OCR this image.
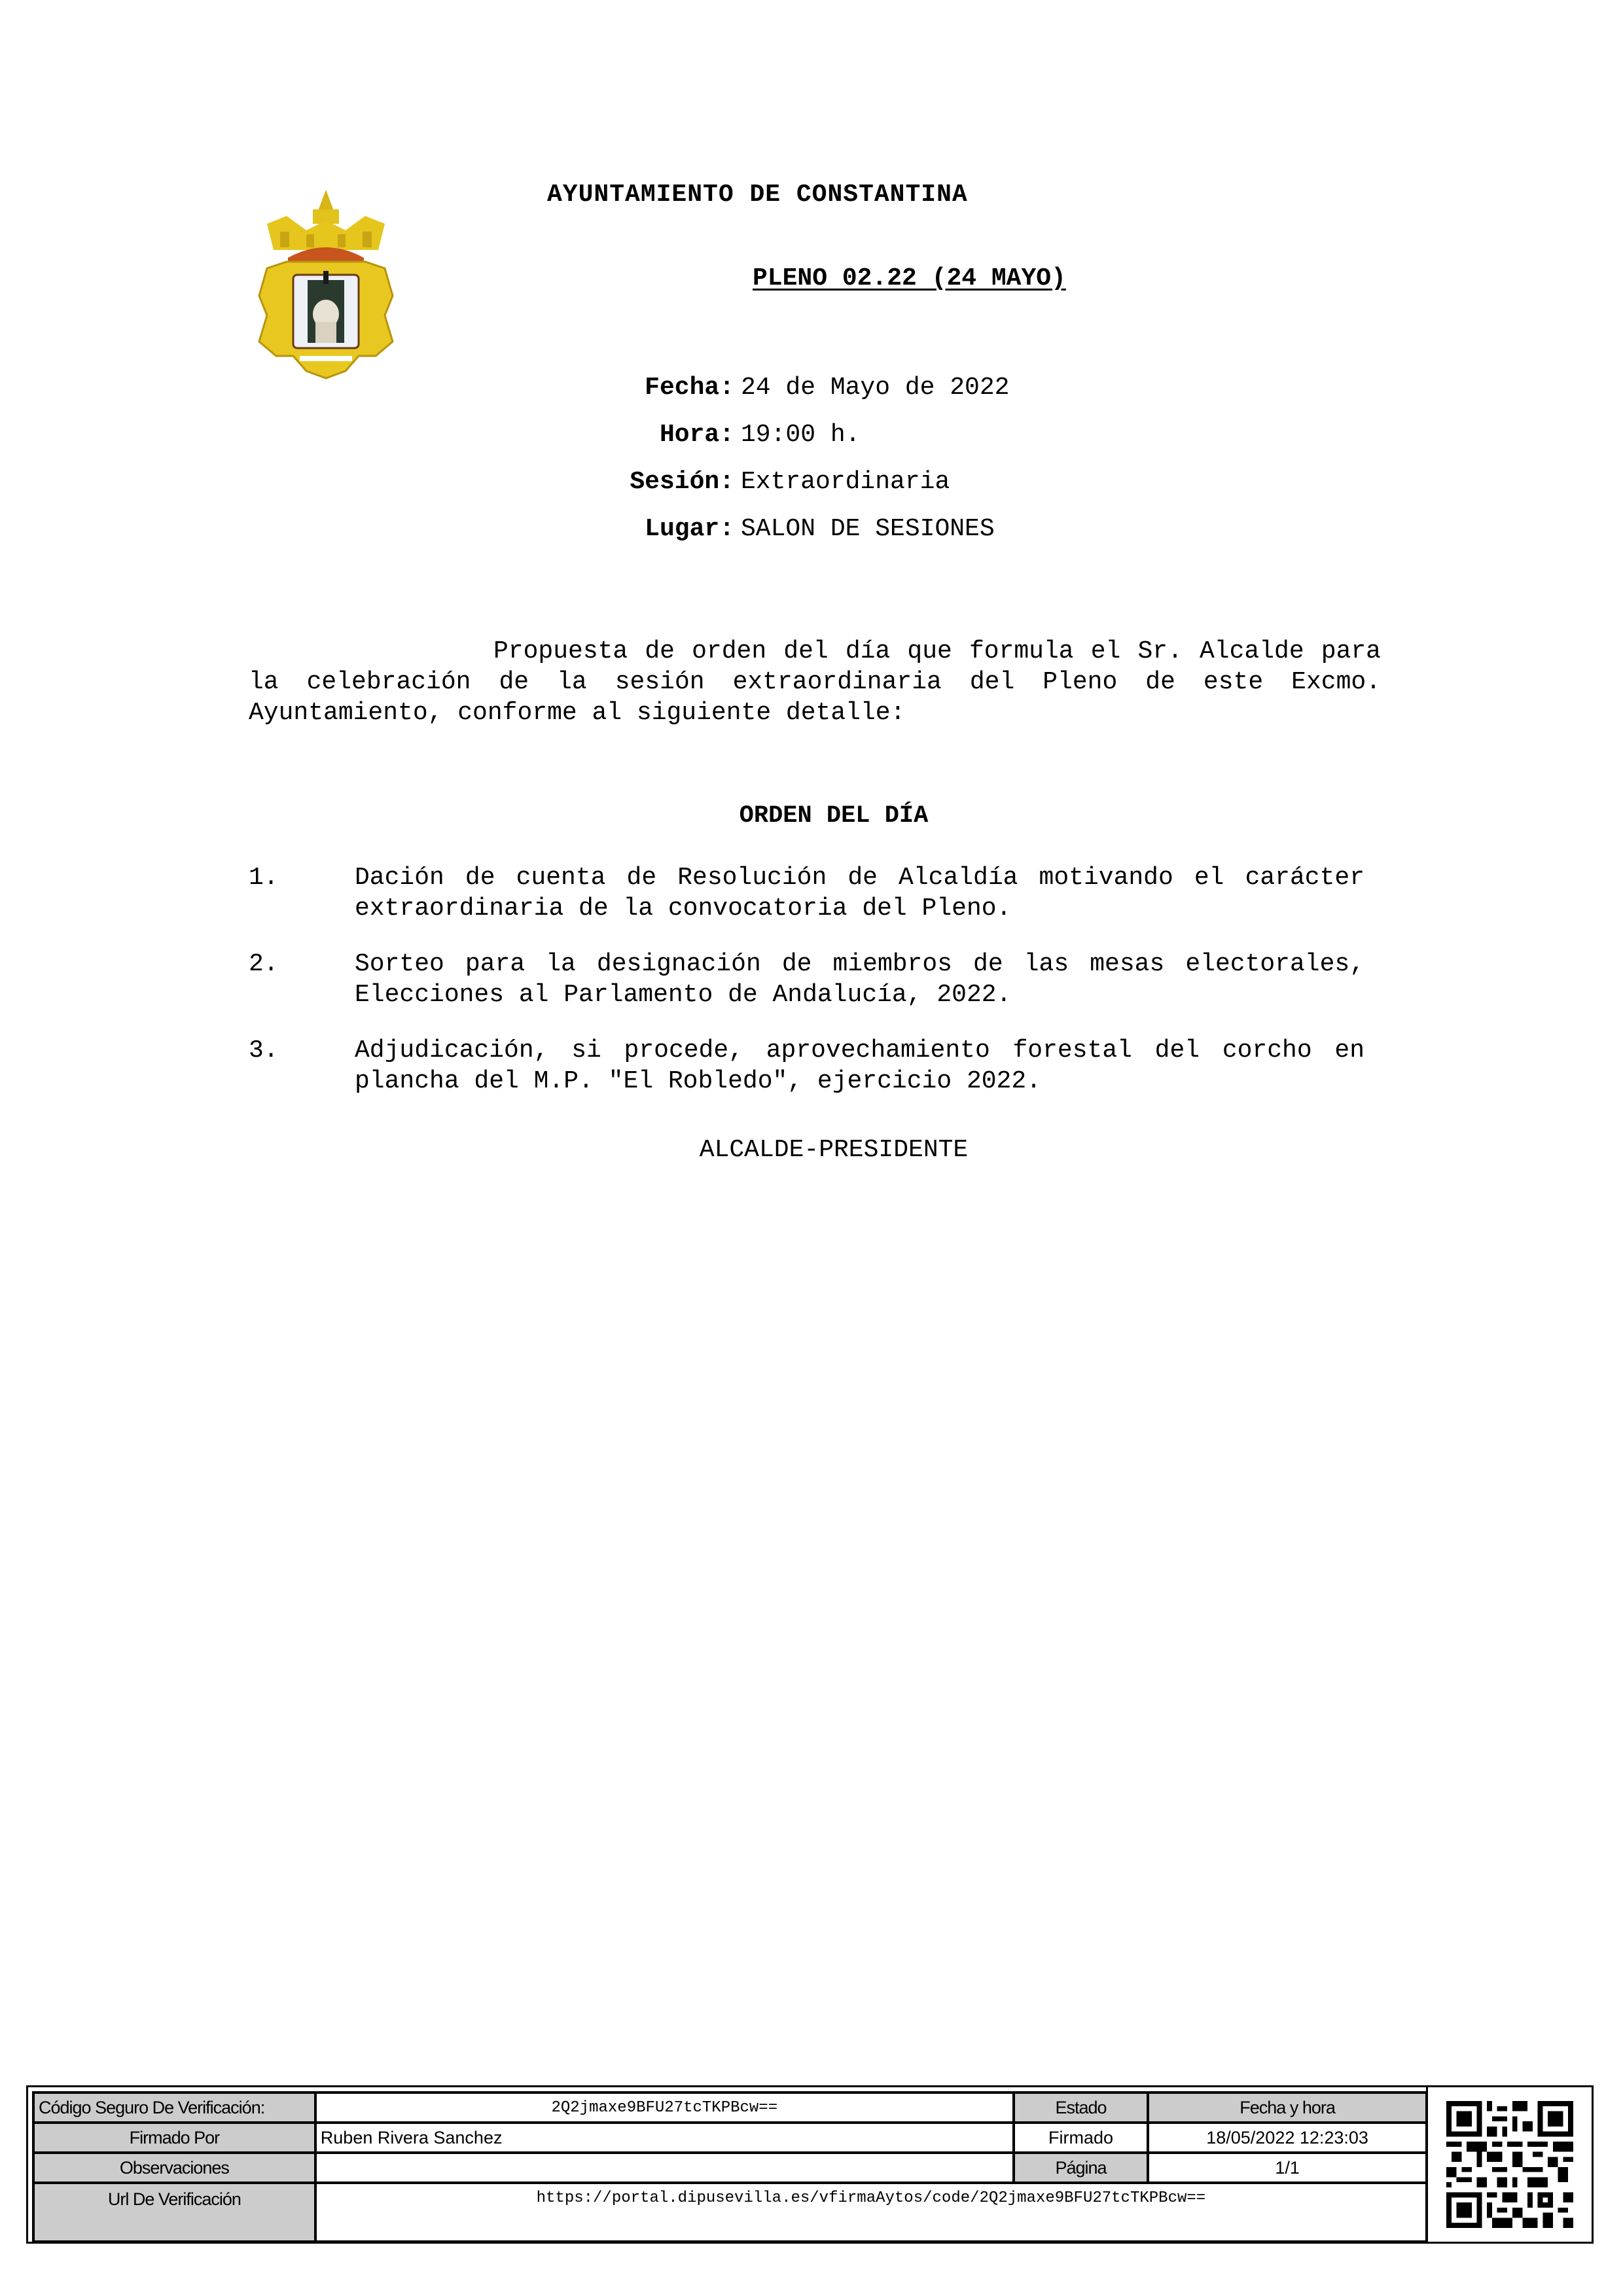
AYUNTAMIENTO DE CONSTANTINA
PLENO 02.22 (24 MAYO)
Fecha: 24 de Mayo de 2022
Hora: 19:00 h.
Sesión: Extraordinaria
Lugar: SALON DE SESIONES

Propuesta de orden del día que formula el Sr. Alcalde para la celebración de la sesión extraordinaria del Pleno de este Excmo. Ayuntamiento, conforme al siguiente detalle:

ORDEN DEL DÍA
1.	Dación de cuenta de Resolución de Alcaldía motivando el carácter extraordinaria de la convocatoria del Pleno.
2.	Sorteo para la designación de miembros de las mesas electorales, Elecciones al Parlamento de Andalucía, 2022.
3.	Adjudicación, si procede, aprovechamiento forestal del corcho en plancha del M.P. "El Robledo", ejercicio 2022.
ALCALDE-PRESIDENTE
Código Seguro De Verificación:	2Q2jmaxe9BFU27tcTKPBcw==	Estado	Fecha y hora
Firmado Por	Ruben Rivera Sanchez	Firmado	18/05/2022 12:23:03
Observaciones		Página	1/1
Url De Verificación	https://portal.dipusevilla.es/vfirmaAytos/code/2Q2jmaxe9BFU27tcTKPBcw==		
